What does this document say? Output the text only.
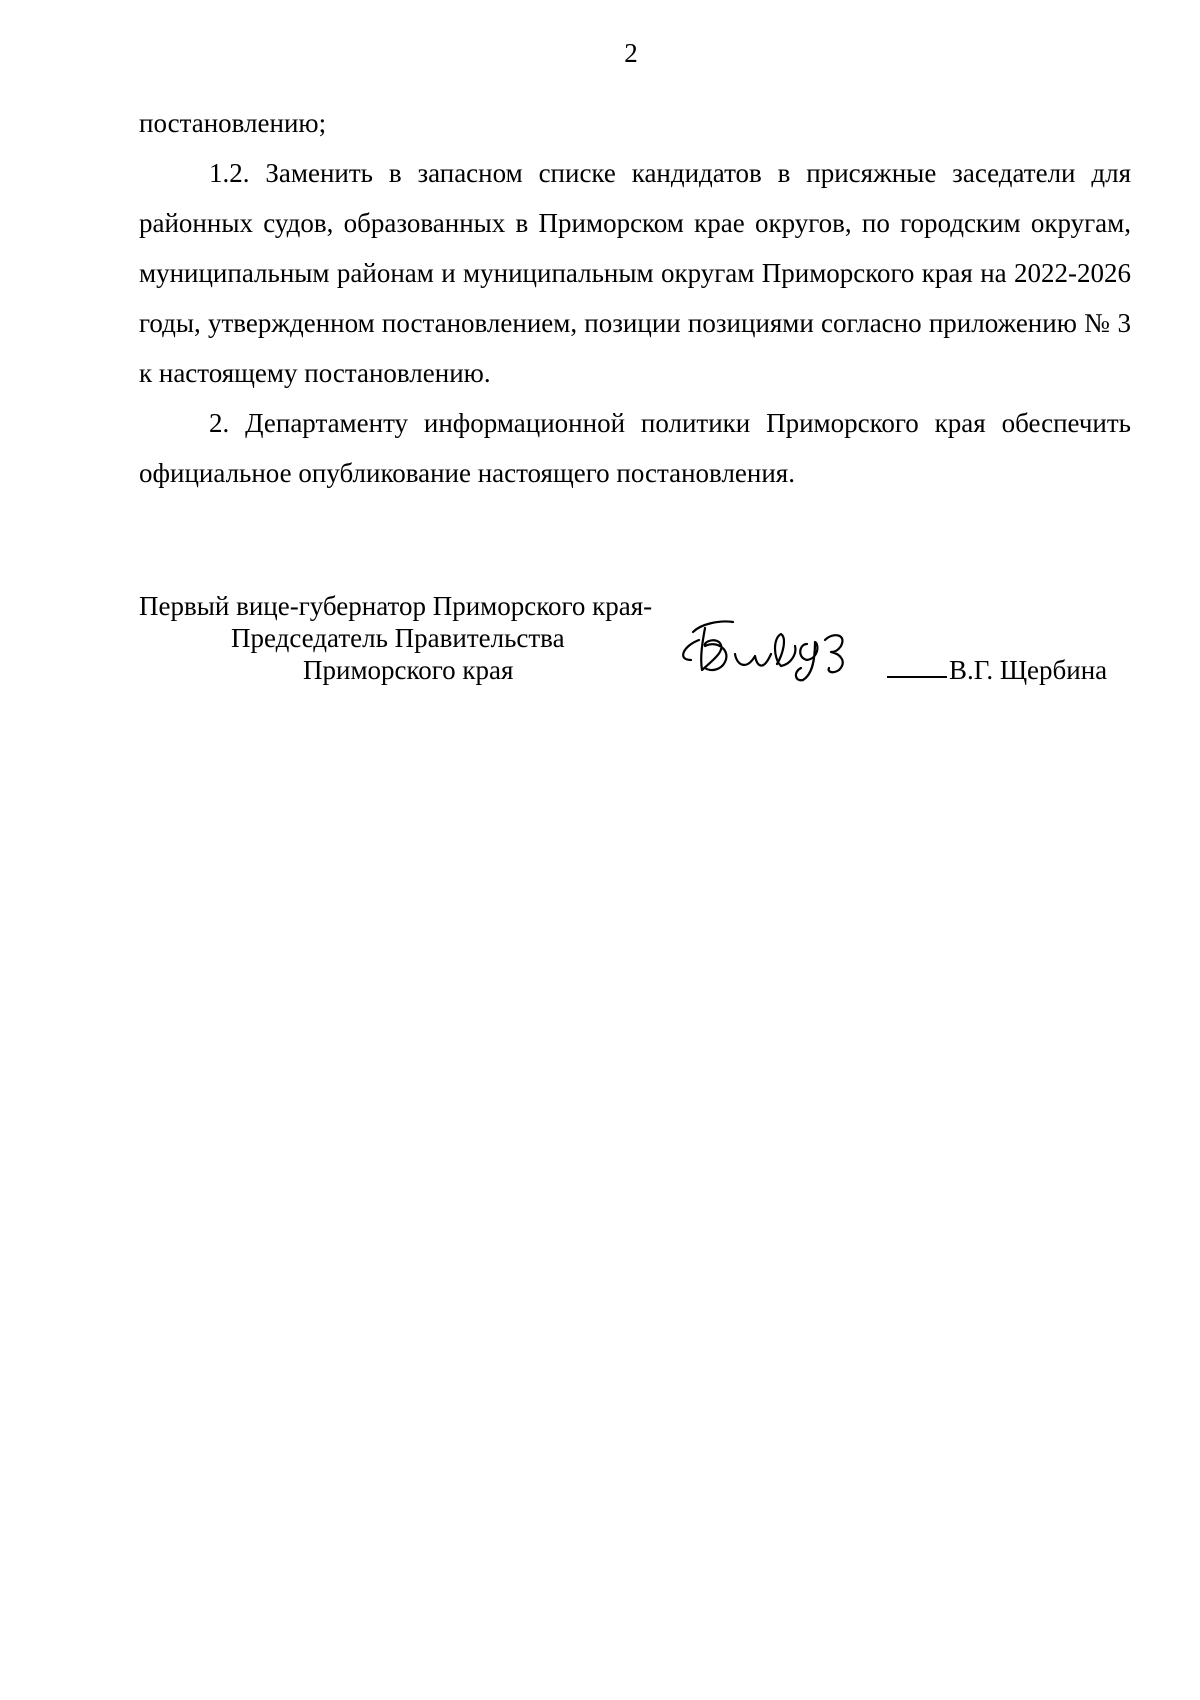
2

постановлению;

1.2. Заменить в запасном списке кандидатов в присяжные заседатели для районных судов, образованных в Приморском крае округов, по городским округам, муниципальным районам и муниципальным округам Приморского края на 2022-2026 годы, утвержденном постановлением, позиции позициями согласно приложению № 3 к настоящему постановлению.

2. Департаменту информационной политики Приморского края обеспечить официальное опубликование настоящего постановления.

Первый вице-губернатор Приморского края-
Председатель Правительства
Приморского края	В.Г. Щербина
